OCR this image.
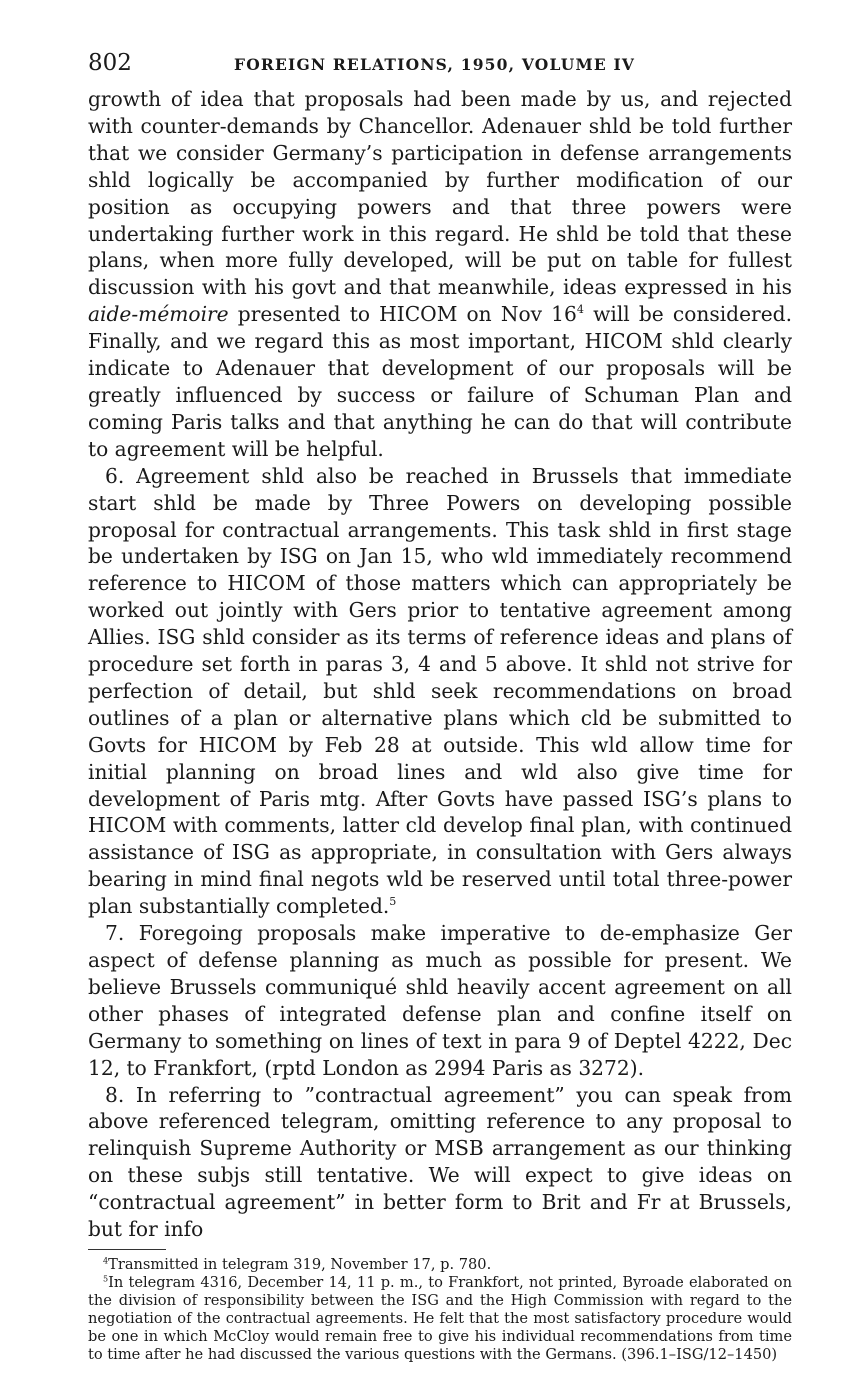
802	FOREIGN RELATIONS, 1950, VOLUME IV

growth of idea that proposals had been made by us, and rejected with counter-demands by Chancellor. Adenauer shld be told further that we consider Germany’s participation in defense arrangements shld logically be accompanied by further modification of our position as occupying powers and that three powers were undertaking further work in this regard. He shld be told that these plans, when more fully developed, will be put on table for fullest discussion with his govt and that meanwhile, ideas expressed in his aide-mémoire presented to HICOM on Nov $16^4$ will be considered. Finally, and we regard this as most important, HICOM shld clearly indicate to Adenauer that development of our proposals will be greatly influenced by success or failure of Schuman Plan and coming Paris talks and that anything he can do that will contribute to agreement will be helpful.

6. Agreement shld also be reached in Brussels that immediate start shld be made by Three Powers on developing possible proposal for contractual arrangements. This task shld in first stage be undertaken by ISG on Jan 15, who wld immediately recommend reference to HICOM of those matters which can appropriately be worked out jointly with Gers prior to tentative agreement among Allies. ISG shld consider as its terms of reference ideas and plans of procedure set forth in paras 3, 4 and 5 above. It shld not strive for perfection of detail, but shld seek recommendations on broad outlines of a plan or alternative plans which cld be submitted to Govts for HICOM by Feb 28 at outside. This wld allow time for initial planning on broad lines and wld also give time for development of Paris mtg. After Govts have passed ISG’s plans to HICOM with comments, latter cld develop final plan, with continued assistance of ISG as appropriate, in consultation with Gers always bearing in mind final negots wld be reserved until total three-power plan substantially completed.$^5$

7. Foregoing proposals make imperative to de-emphasize Ger aspect of defense planning as much as possible for present. We believe Brussels communiqué shld heavily accent agreement on all other phases of integrated defense plan and confine itself on Germany to something on lines of text in para 9 of Deptel 4222, Dec 12, to Frankfort, (rptd London as 2994 Paris as 3272).

8. In referring to ”contractual agreement” you can speak from above referenced telegram, omitting reference to any proposal to relinquish Supreme Authority or MSB arrangement as our thinking on these subjs still tentative. We will expect to give ideas on “contractual agreement” in better form to Brit and Fr at Brussels, but for info

$^4$Transmitted in telegram 319, November 17, p. 780.

$^5$In telegram 4316, December 14, 11 p. m., to Frankfort, not printed, Byroade elaborated on the division of responsibility between the ISG and the High Commission with regard to the negotiation of the contractual agreements. He felt that the most satisfactory procedure would be one in which McCloy would remain free to give his individual recommendations from time to time after he had discussed the various questions with the Germans. (396.1–ISG/12–1450)
